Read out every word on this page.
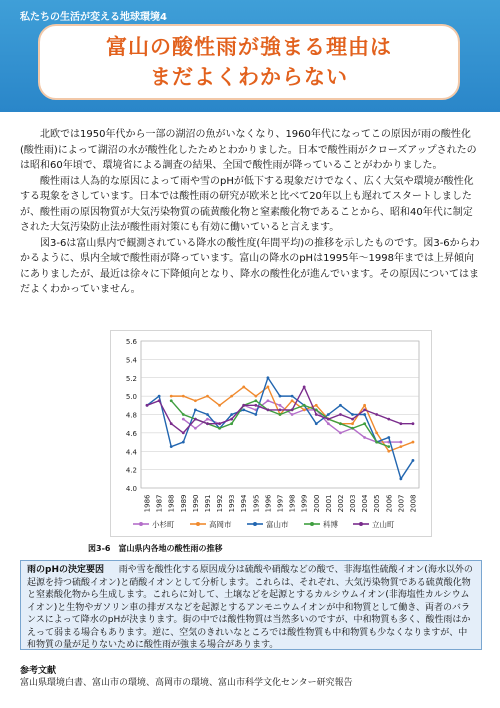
私たちの生活が変える地球環境4
富山の酸性雨が強まる理由は
まだよくわからない

北欧では1950年代から一部の湖沼の魚がいなくなり、1960年代になってこの原因が雨の酸性化(酸性雨)によって湖沼の水が酸性化したためとわかりました。日本で酸性雨がクローズアップされたのは昭和60年頃で、環境省による調査の結果、全国で酸性雨が降っていることがわかりました。

酸性雨は人為的な原因によって雨や雪のpHが低下する現象だけでなく、広く大気や環境が酸性化する現象をさしています。日本では酸性雨の研究が欧米と比べて20年以上も遅れてスタートしましたが、酸性雨の原因物質が大気汚染物質の硫黄酸化物と窒素酸化物であることから、昭和40年代に制定された大気汚染防止法が酸性雨対策にも有効に働いていると言えます。

図3-6は富山県内で観測されている降水の酸性度(年間平均)の推移を示したものです。図3-6からわかるように、県内全域で酸性雨が降っています。富山の降水のpHは1995年～1998年までは上昇傾向にありましたが、最近は徐々に下降傾向となり、降水の酸性化が進んでいます。その原因についてはまだよくわかっていません。

4.0
4.2
4.4
4.6
4.8
5.0
5.2
5.4
5.6
1986 1987 1988 1989 1990 1991 1992 1993 1994 1995 1996 1997 1998 1999 2000 2001 2002 2003 2004 2005 2006 2007 2008
小杉町	高岡市	富山市	科博	立山町
図3-6　富山県内各地の酸性雨の推移
雨のpHの決定要因 　 雨や雪を酸性化する原因成分は硫酸や硝酸などの酸で、非海塩性硫酸イオン(海水以外の起源を持つ硫酸イオン)と硝酸イオンとして分析します。これらは、それぞれ、大気汚染物質である硫黄酸化物と窒素酸化物から生成します。これらに対して、土壌などを起源とするカルシウムイオン(非海塩性カルシウムイオン)と生物やガソリン車の排ガスなどを起源とするアンモニウムイオンが中和物質として働き、両者のバランスによって降水のpHが決まります。街の中では酸性物質は当然多いのですが、中和物質も多く、酸性雨はかえって弱まる場合もあります。逆に、空気のきれいなところでは酸性物質も中和物質も少なくなりますが、中和物質の量が足りないために酸性雨が強まる場合があります。
参考文献
富山県環境白書、富山市の環境、高岡市の環境、富山市科学文化センター研究報告
